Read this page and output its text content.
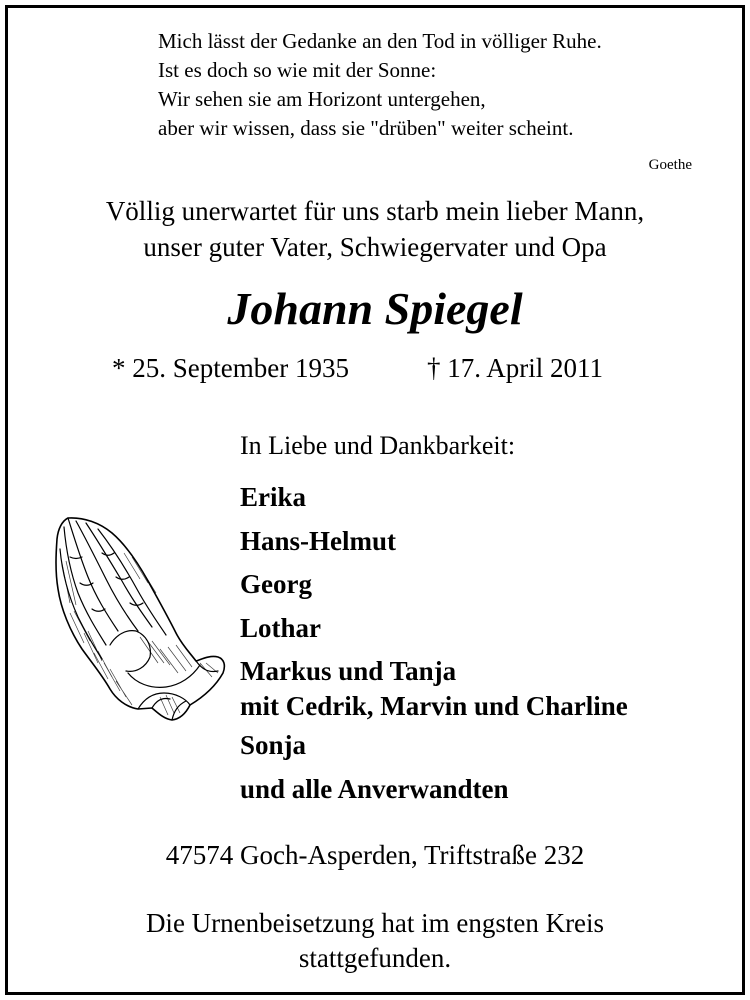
Mich lässt der Gedanke an den Tod in völliger Ruhe.
Ist es doch so wie mit der Sonne:
Wir sehen sie am Horizont untergehen,
aber wir wissen, dass sie "drüben" weiter scheint.
Goethe
Völlig unerwartet für uns starb mein lieber Mann,
unser guter Vater, Schwiegervater und Opa
Johann Spiegel
* 25. September 1935	† 17. April 2011
In Liebe und Dankbarkeit:
Erika
Hans-Helmut
Georg
Lothar
Markus und Tanja
mit Cedrik, Marvin und Charline
Sonja
und alle Anverwandten
47574 Goch-Asperden, Triftstraße 232
Die Urnenbeisetzung hat im engsten Kreis
stattgefunden.
